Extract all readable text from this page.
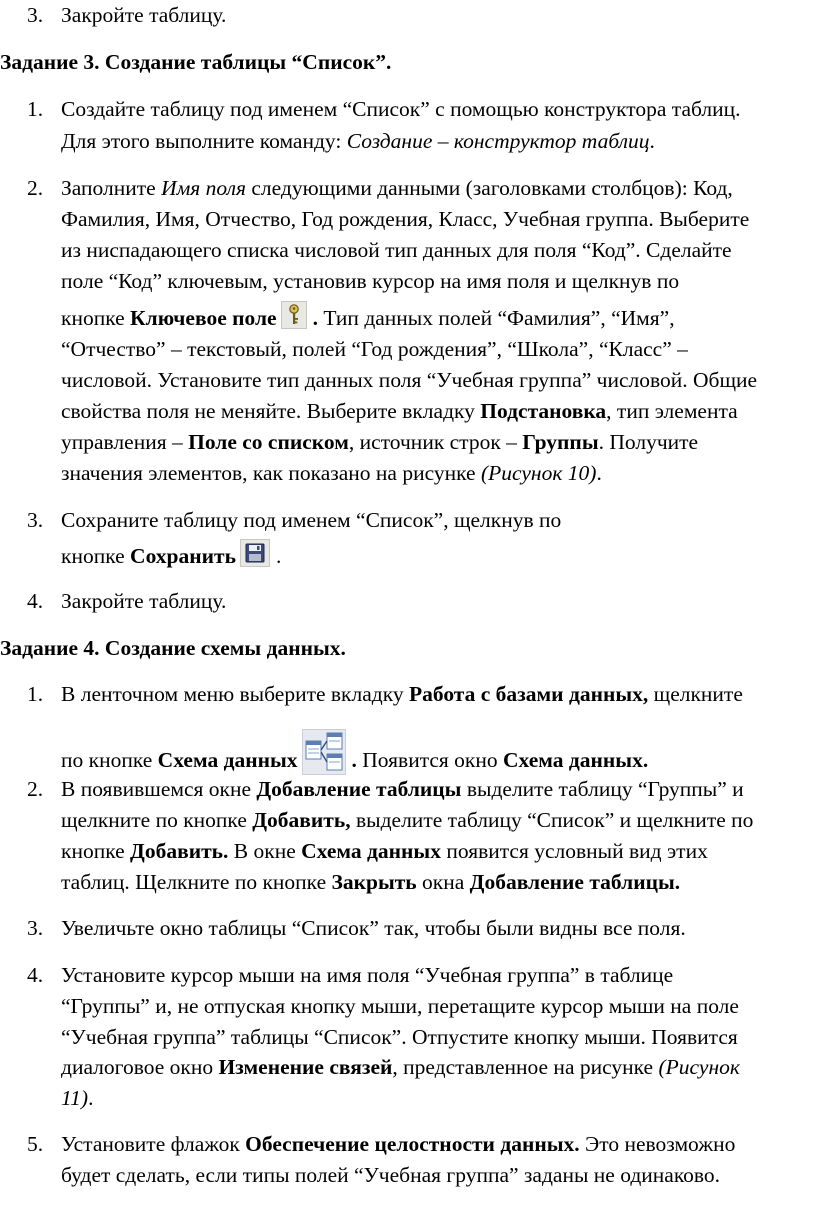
3. Закройте таблицу.
Задание 3. Создание таблицы “Список”.
1. Создайте таблицу под именем “Список” с помощью конструктора таблиц.
Для этого выполните команду: Создание – конструктор таблиц.
2. Заполните Имя поля следующими данными (заголовками столбцов): Код,
Фамилия, Имя, Отчество, Год рождения, Класс, Учебная группа. Выберите
из ниспадающего списка числовой тип данных для поля “Код”. Сделайте
поле “Код” ключевым, установив курсор на имя поля и щелкнув по
кнопке Ключевое поле . Тип данных полей “Фамилия”, “Имя”,
“Отчество” – текстовый, полей “Год рождения”, “Школа”, “Класс” –
числовой. Установите тип данных поля “Учебная группа” числовой. Общие
свойства поля не меняйте. Выберите вкладку Подстановка, тип элемента
управления – Поле со списком, источник строк – Группы. Получите
значения элементов, как показано на рисунке (Рисунок 10).
3. Сохраните таблицу под именем “Список”, щелкнув по
кнопке Сохранить .
4. Закройте таблицу.
Задание 4. Создание схемы данных.
1. В ленточном меню выберите вкладку Работа с базами данных, щелкните
по кнопке Схема данных	. Появится окно Схема данных.
2. В появившемся окне Добавление таблицы выделите таблицу “Группы” и
щелкните по кнопке Добавить, выделите таблицу “Список” и щелкните по
кнопке Добавить. В окне Схема данных появится условный вид этих
таблиц. Щелкните по кнопке Закрыть окна Добавление таблицы.
3. Увеличьте окно таблицы “Список” так, чтобы были видны все поля.
4. Установите курсор мыши на имя поля “Учебная группа” в таблице
“Группы” и, не отпуская кнопку мыши, перетащите курсор мыши на поле
“Учебная группа” таблицы “Список”. Отпустите кнопку мыши. Появится
диалоговое окно Изменение связей, представленное на рисунке (Рисунок
11).
5. Установите флажок Обеспечение целостности данных. Это невозможно
будет сделать, если типы полей “Учебная группа” заданы не одинаково.
